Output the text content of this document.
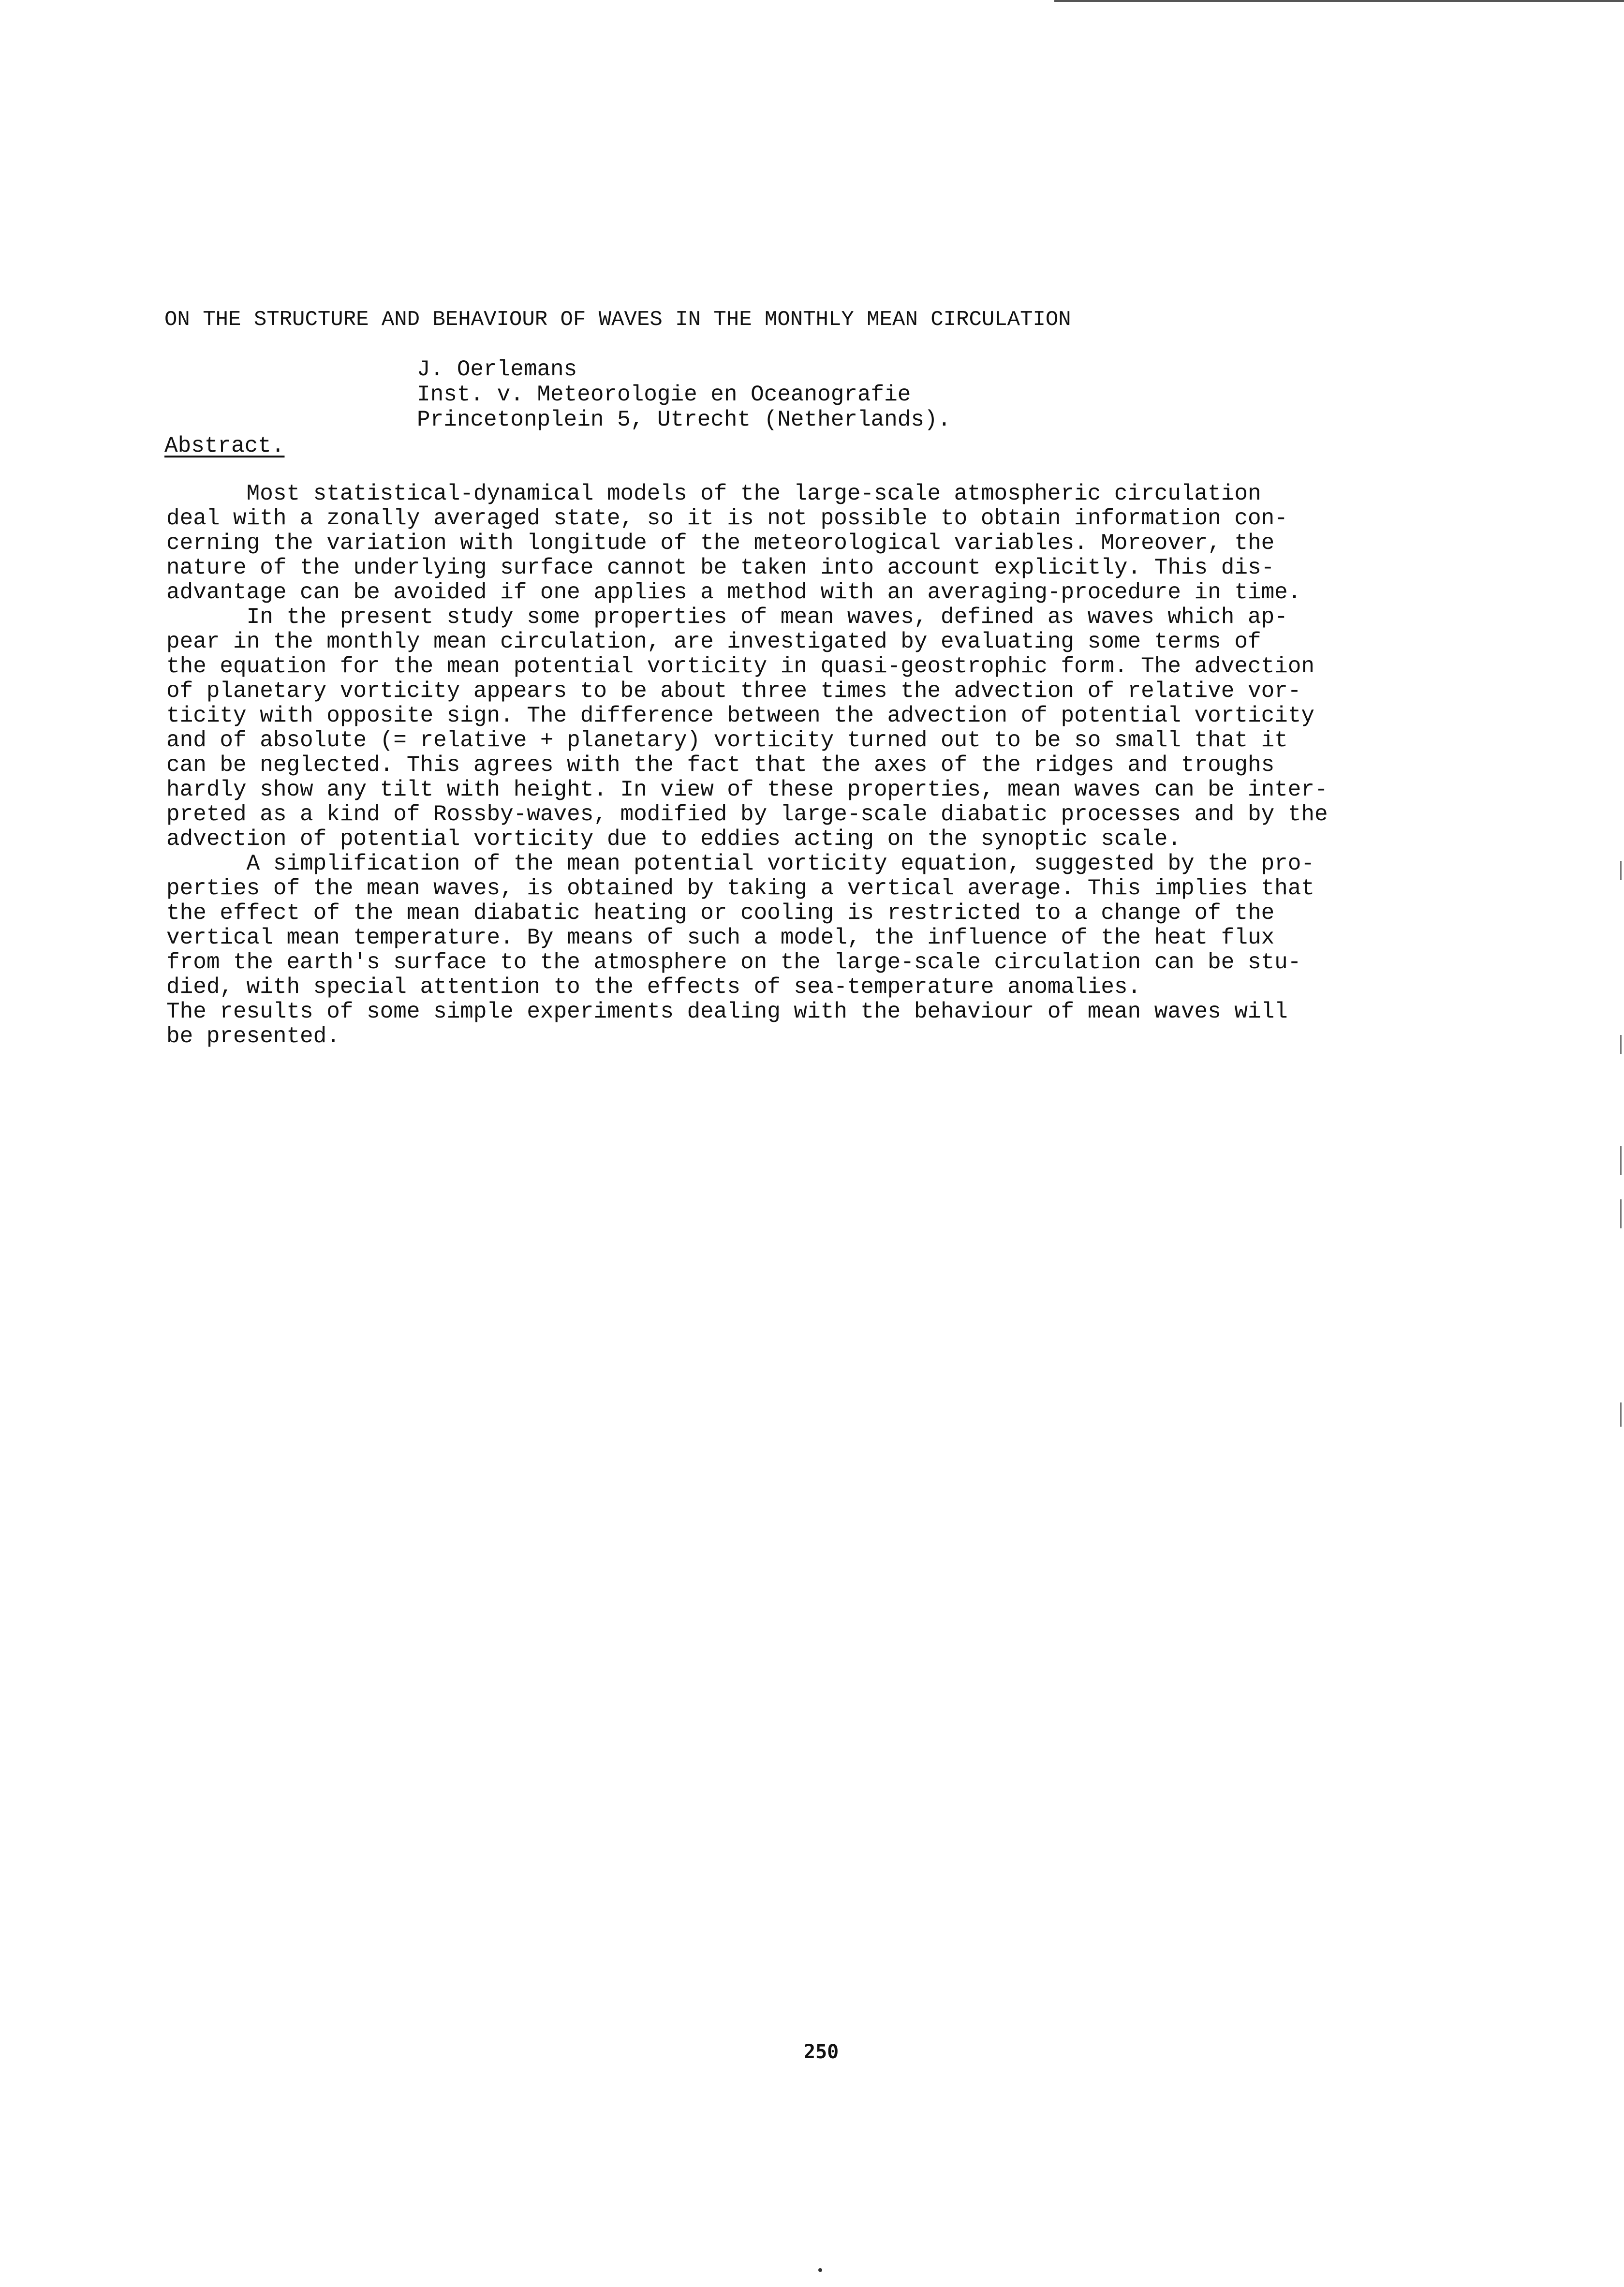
ON THE STRUCTURE AND BEHAVIOUR OF WAVES IN THE MONTHLY MEAN CIRCULATION
J. Oerlemans
Inst. v. Meteorologie en Oceanografie
Princetonplein 5, Utrecht (Netherlands).
Abstract.
Most statistical-dynamical models of the large-scale atmospheric circulation
deal with a zonally averaged state, so it is not possible to obtain information con-
cerning the variation with longitude of the meteorological variables. Moreover, the
nature of the underlying surface cannot be taken into account explicitly. This dis-
advantage can be avoided if one applies a method with an averaging-procedure in time.
In the present study some properties of mean waves, defined as waves which ap-
pear in the monthly mean circulation, are investigated by evaluating some terms of
the equation for the mean potential vorticity in quasi-geostrophic form. The advection
of planetary vorticity appears to be about three times the advection of relative vor-
ticity with opposite sign. The difference between the advection of potential vorticity
and of absolute (= relative + planetary) vorticity turned out to be so small that it
can be neglected. This agrees with the fact that the axes of the ridges and troughs
hardly show any tilt with height. In view of these properties, mean waves can be inter-
preted as a kind of Rossby-waves, modified by large-scale diabatic processes and by the
advection of potential vorticity due to eddies acting on the synoptic scale.
A simplification of the mean potential vorticity equation, suggested by the pro-
perties of the mean waves, is obtained by taking a vertical average. This implies that
the effect of the mean diabatic heating or cooling is restricted to a change of the
vertical mean temperature. By means of such a model, the influence of the heat flux
from the earth's surface to the atmosphere on the large-scale circulation can be stu-
died, with special attention to the effects of sea-temperature anomalies.
The results of some simple experiments dealing with the behaviour of mean waves will
be presented.
250
